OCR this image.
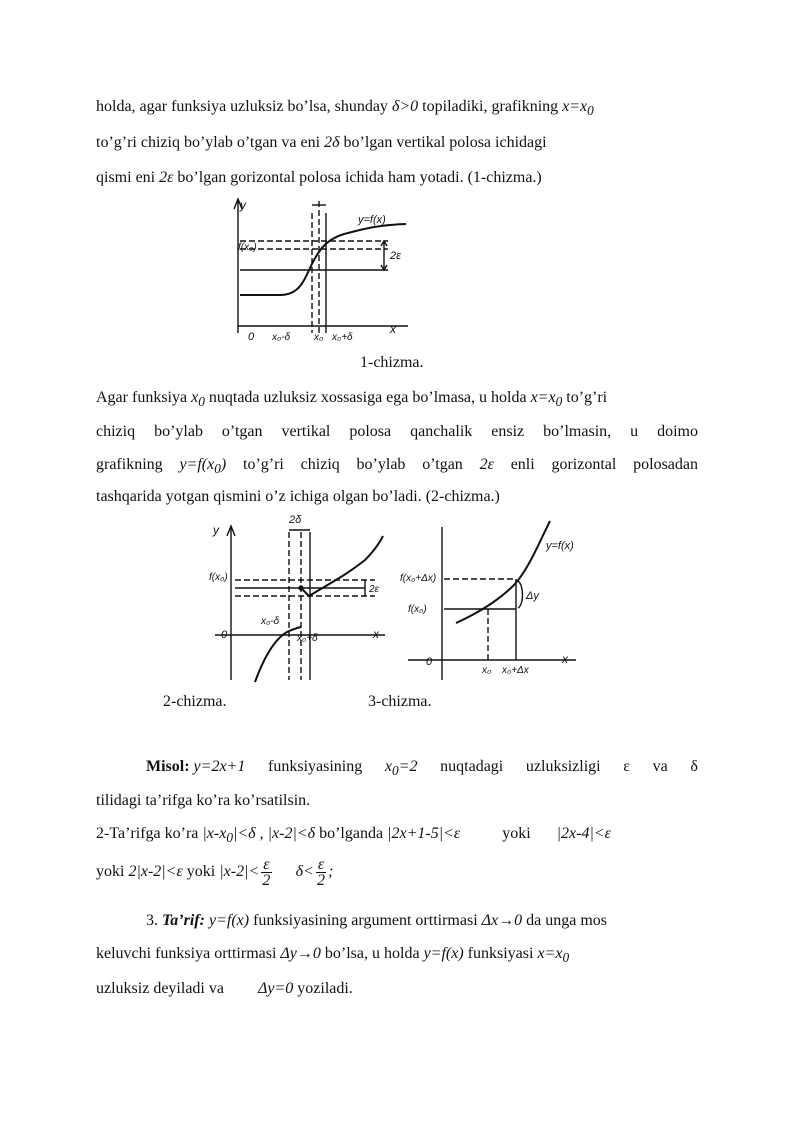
holda, agar funksiya uzluksiz bo’lsa, shunday δ>0 topiladiki, grafikning $x=x_0$
to’g’ri chiziq bo’ylab o’tgan va eni 2δ bo’lgan vertikal polosa ichidagi
qismi eni 2ε bo’lgan gorizontal polosa ichida ham yotadi. (1-chizma.)
y
f(x₀)
y=f(x)
2ε
0 x₀-δ x₀ x₀+δ
x
1-chizma.
Agar funksiya $x_0$ nuqtada uzluksiz xossasiga ega bo’lmasa, u holda $x=x_0$ to’g’ri
chiziq bo’ylab o’tgan vertikal polosa qanchalik ensiz bo’lmasin, u doimo
grafikning $y=f(x_0)$ to’g’ri chiziq bo’ylab o’tgan 2ε enli gorizontal polosadan
tashqarida yotgan qismini o’z ichiga olgan bo’ladi. (2-chizma.)
y
2δ
f(x₀)
2ε
x₀-δ
0	x₀+δ	x
2-chizma.
y=f(x)
f(x₀+Δx)
f(x₀)
Δy
0
x₀ x₀+Δx
x
3-chizma.
Misol: y=2x+1 funksiyasining $x_0=2$ nuqtadagi uzluksizligi ε va δ
tilidagi ta’rifga ko’ra ko’rsatilsin.
2-Ta’rifga ko’ra $|x-x_0|<\delta$ , |x-2|<δ bo’lganda |2x+1-5|<ε	yoki |2x-4|<ε
yoki 2|x-2|<ε yoki $|x-2|< \frac{\varepsilon}{2} \delta< \frac{\varepsilon}{2}$ ;
3. Ta’rif: y=f(x) funksiyasining argument orttirmasi Δx→0 da unga mos
keluvchi funksiya orttirmasi Δy→0 bo’lsa, u holda y=f(x) funksiyasi $x=x_0$
uzluksiz deyiladi va Δy=0 yoziladi.
